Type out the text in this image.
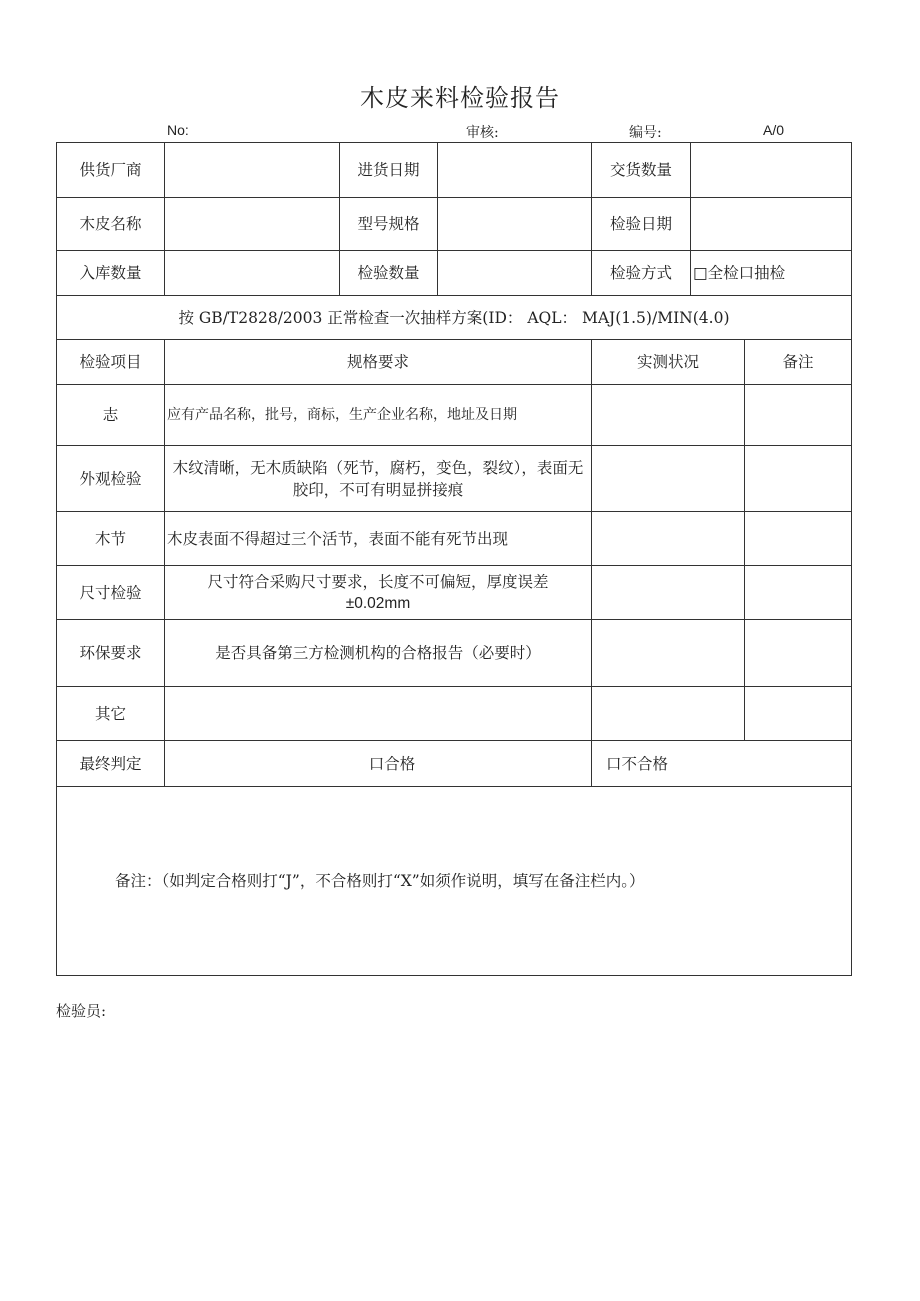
木皮来料检验报告
No:	审核:	编号:	A/0
供货厂商		进货日期		交货数量		
木皮名称		型号规格		检验日期		
入库数量		检验数量		检验方式	□全检口抽检	
按 GB/T2828/2003 正常检查一次抽样方案(ID： AQL： MAJ(1.5)/MIN(4.0)						
检验项目	规格要求			实测状况		备注
志	应有产品名称，批号，商标，生产企业名称，地址及日期					
外观检验	木纹清晰，无木质缺陷（死节，腐朽，变色，裂纹），表面无胶印，不可有明显拼接痕					
木节	木皮表面不得超过三个活节，表面不能有死节出现					
尺寸检验	尺寸符合采购尺寸要求，长度不可偏短，厚度误差
±0.02mm					

环保要求	是否具备第三方检测机构的合格报告（必要时）					
其它						
最终判定	口合格			口不合格		
备注：（如判定合格则打“J”，不合格则打“X”如须作说明，填写在备注栏内。）						
检验员:
